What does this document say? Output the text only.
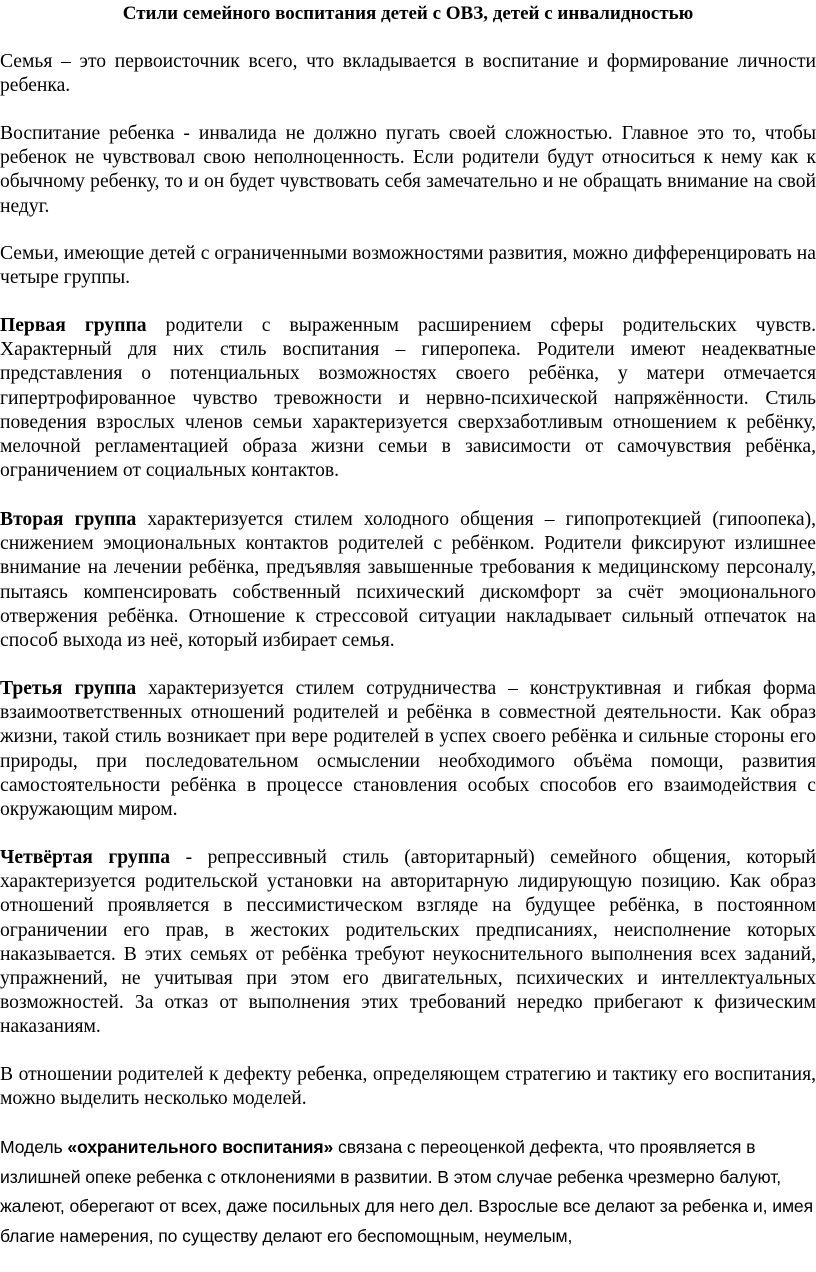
Стили семейного воспитания детей с ОВЗ, детей с инвалидностью

Семья – это первоисточник всего, что вкладывается в воспитание и формирование личности ребенка.

Воспитание ребенка - инвалида не должно пугать своей сложностью. Главное это то, чтобы ребенок не чувствовал свою неполноценность. Если родители будут относиться к нему как к обычному ребенку, то и он будет чувствовать себя замечательно и не обращать внимание на свой недуг.

Семьи, имеющие детей с ограниченными возможностями развития, можно дифференцировать на четыре группы.

Первая группа родители с выраженным расширением сферы родительских чувств. Характерный для них стиль воспитания – гиперопека. Родители имеют неадекватные представления о потенциальных возможностях своего ребёнка, у матери отмечается гипертрофированное чувство тревожности и нервно-психической напряжённости. Стиль поведения взрослых членов семьи характеризуется сверхзаботливым отношением к ребёнку, мелочной регламентацией образа жизни семьи в зависимости от самочувствия ребёнка, ограничением от социальных контактов.

Вторая группа характеризуется стилем холодного общения – гипопротекцией (гипоопека), снижением эмоциональных контактов родителей с ребёнком. Родители фиксируют излишнее внимание на лечении ребёнка, предъявляя завышенные требования к медицинскому персоналу, пытаясь компенсировать собственный психический дискомфорт за счёт эмоционального отвержения ребёнка. Отношение к стрессовой ситуации накладывает сильный отпечаток на способ выхода из неё, который избирает семья.

Третья группа характеризуется стилем сотрудничества – конструктивная и гибкая форма взаимоответственных отношений родителей и ребёнка в совместной деятельности. Как образ жизни, такой стиль возникает при вере родителей в успех своего ребёнка и сильные стороны его природы, при последовательном осмыслении необходимого объёма помощи, развития самостоятельности ребёнка в процессе становления особых способов его взаимодействия с окружающим миром.

Четвёртая группа - репрессивный стиль (авторитарный) семейного общения, который характеризуется родительской установки на авторитарную лидирующую позицию. Как образ отношений проявляется в пессимистическом взгляде на будущее ребёнка, в постоянном ограничении его прав, в жестоких родительских предписаниях, неисполнение которых наказывается. В этих семьях от ребёнка требуют неукоснительного выполнения всех заданий, упражнений, не учитывая при этом его двигательных, психических и интеллектуальных возможностей. За отказ от выполнения этих требований нередко прибегают к физическим наказаниям.

В отношении родителей к дефекту ребенка, определяющем стратегию и тактику его воспитания, можно выделить несколько моделей.

Модель «охранительного воспитания» связана с переоценкой дефекта, что проявляется в излишней опеке ребенка с отклонениями в развитии. В этом случае ребенка чрезмерно балуют, жалеют, оберегают от всех, даже посильных для него дел. Взрослые все делают за ребенка и, имея благие намерения, по существу делают его беспомощным, неумелым,
